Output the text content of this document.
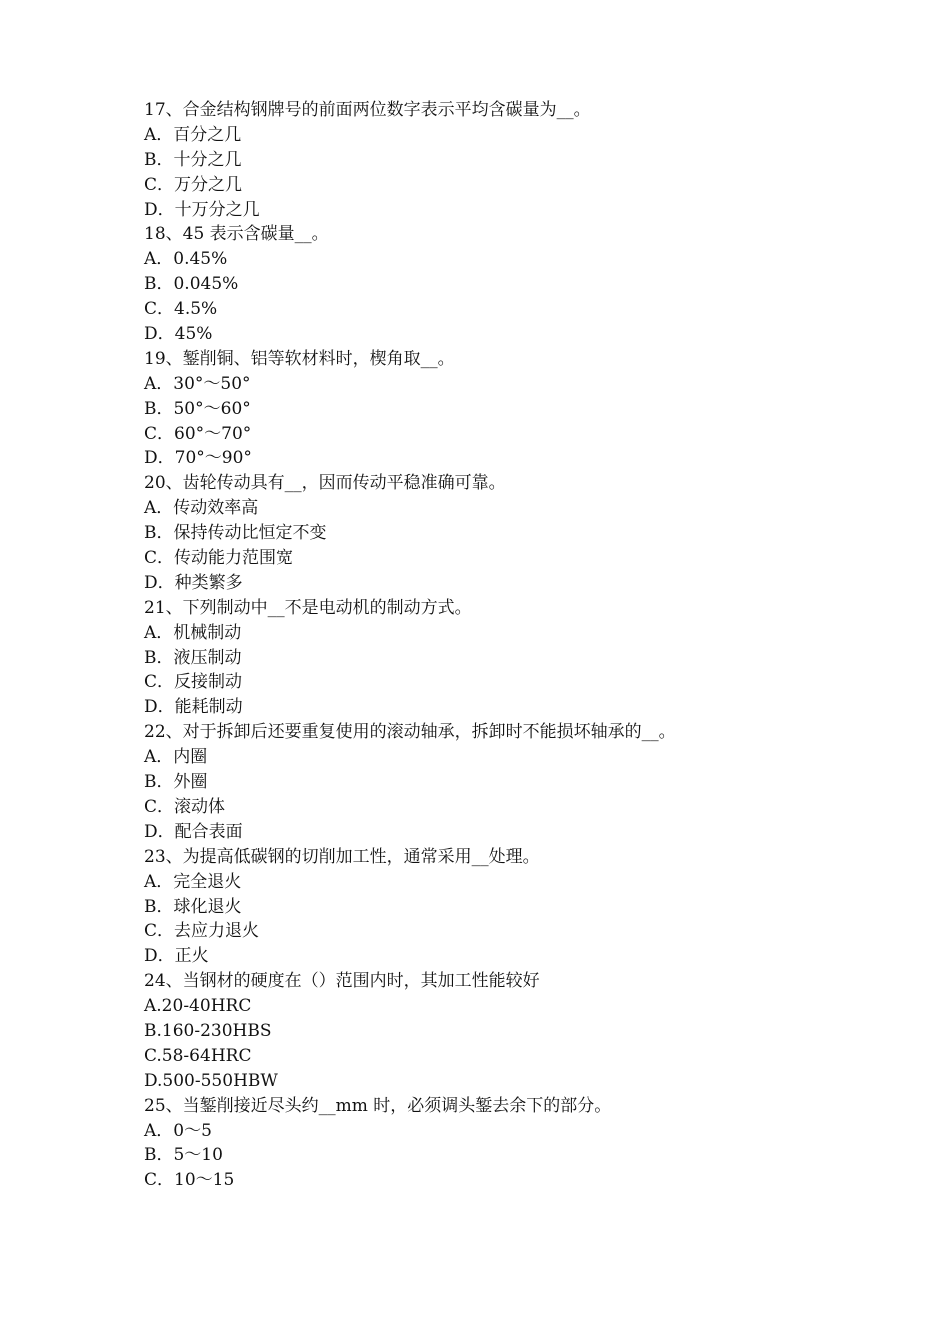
17、合金结构钢牌号的前面两位数字表示平均含碳量为__。
A．百分之几
B．十分之几
C．万分之几
D．十万分之几
18、45 表示含碳量__。
A．0.45%
B．0.045%
C．4.5%
D．45%
19、錾削铜、铝等软材料时，楔角取__。
A．30°～50°
B．50°～60°
C．60°～70°
D．70°～90°
20、齿轮传动具有__，因而传动平稳准确可靠。
A．传动效率高
B．保持传动比恒定不变
C．传动能力范围宽
D．种类繁多
21、下列制动中__不是电动机的制动方式。
A．机械制动
B．液压制动
C．反接制动
D．能耗制动
22、对于拆卸后还要重复使用的滚动轴承，拆卸时不能损坏轴承的__。
A．内圈
B．外圈
C．滚动体
D．配合表面
23、为提高低碳钢的切削加工性，通常采用__处理。
A．完全退火
B．球化退火
C．去应力退火
D．正火
24、当钢材的硬度在（）范围内时，其加工性能较好
A.20-40HRC
B.160-230HBS
C.58-64HRC
D.500-550HBW
25、当錾削接近尽头约__mm 时，必须调头錾去余下的部分。
A．0～5
B．5～10
C．10～15
